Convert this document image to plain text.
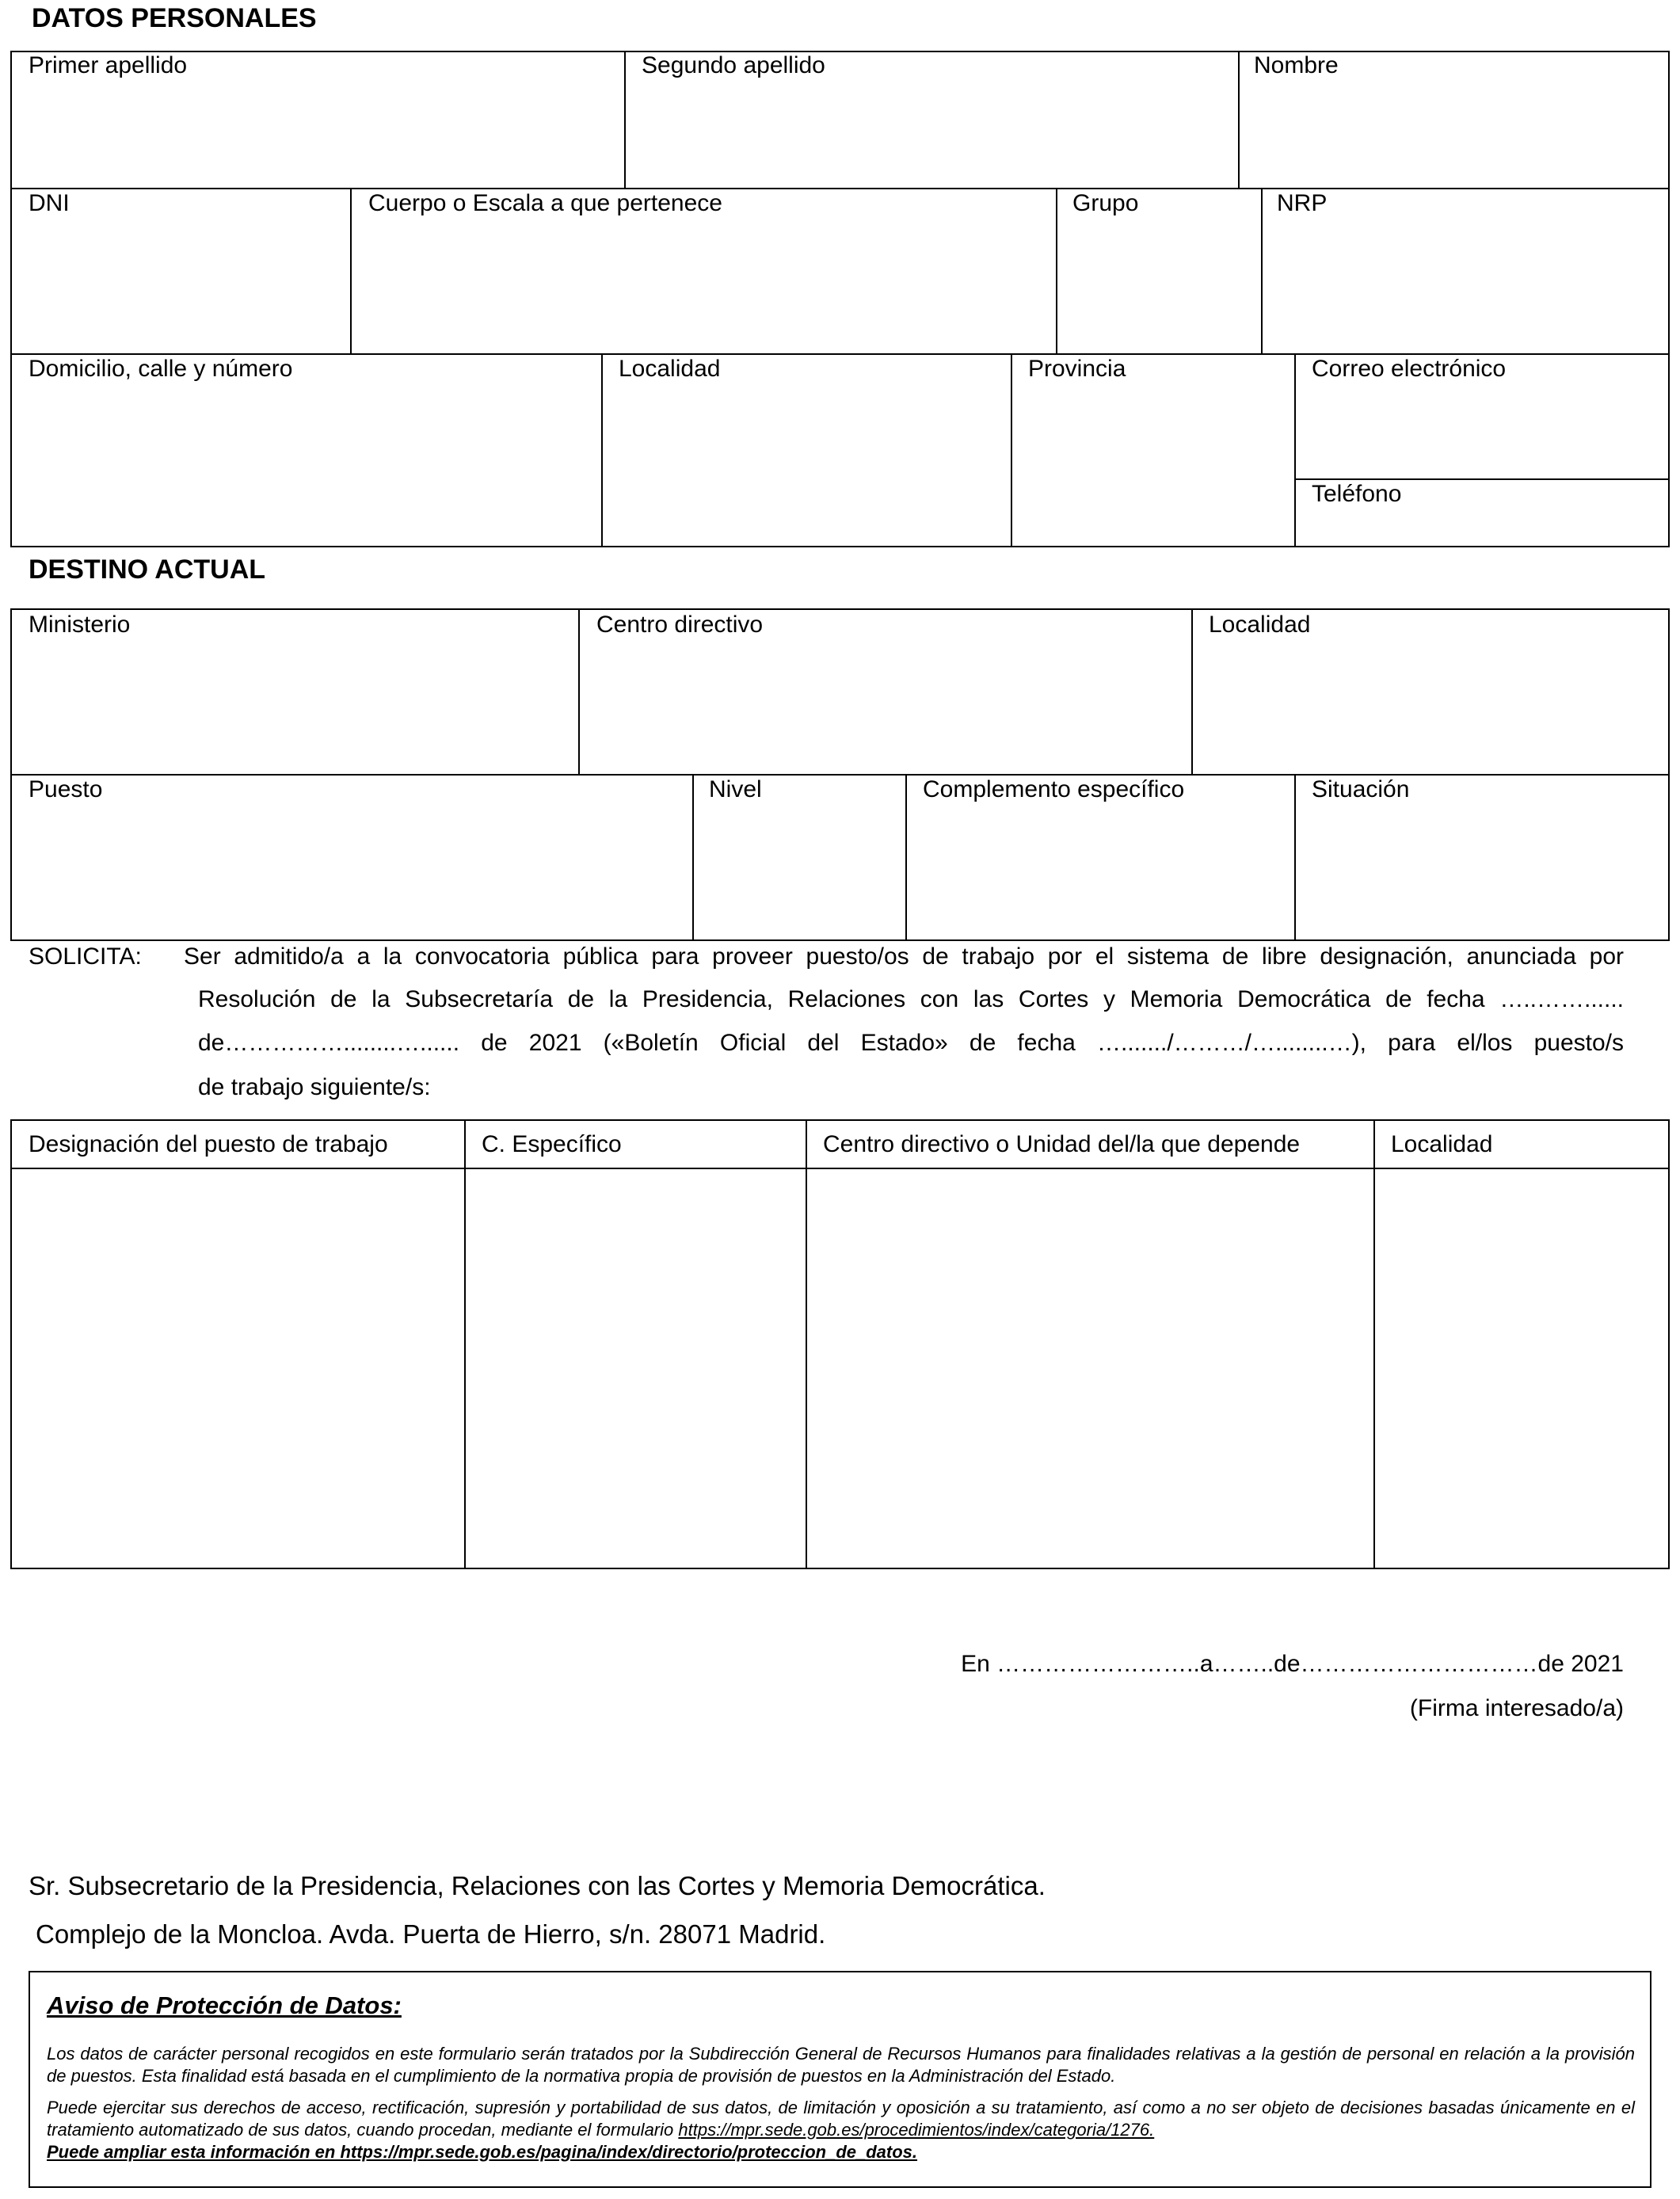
DATOS PERSONALES
Primer apellido	Segundo apellido	Nombre
DNI	Cuerpo o Escala a que pertenece	Grupo	NRP
Domicilio, calle y número	Localidad	Provincia	Correo electrónico
Teléfono
DESTINO ACTUAL
Ministerio	Centro directivo	Localidad
Puesto	Nivel	Complemento específico	Situación
SOLICITA: Ser admitido/a a la convocatoria pública para proveer puesto/os de trabajo por el sistema de libre designación, anunciada por
Resolución de la Subsecretaría de la Presidencia, Relaciones con las Cortes y Memoria Democrática de fecha …..……......
de……………........…...... de 2021 («Boletín Oficial del Estado» de fecha …......./………/…........…), para el/los puesto/s
de trabajo siguiente/s:
Designación del puesto de trabajo	C. Específico	Centro directivo o Unidad del/la que depende	Localidad
En ……………………..a……..de…………………………de 2021
(Firma interesado/a)
Sr. Subsecretario de la Presidencia, Relaciones con las Cortes y Memoria Democrática.
Complejo de la Moncloa. Avda. Puerta de Hierro, s/n. 28071 Madrid.
Aviso de Protección de Datos:
Los datos de carácter personal recogidos en este formulario serán tratados por la Subdirección General de Recursos Humanos para finalidades relativas a la gestión de personal en relación a la provisión de puestos. Esta finalidad está basada en el cumplimiento de la normativa propia de provisión de puestos en la Administración del Estado.
Puede ejercitar sus derechos de acceso, rectificación, supresión y portabilidad de sus datos, de limitación y oposición a su tratamiento, así como a no ser objeto de decisiones basadas únicamente en el tratamiento automatizado de sus datos, cuando procedan, mediante el formulario https://mpr.sede.gob.es/procedimientos/index/categoria/1276.
Puede ampliar esta información en https://mpr.sede.gob.es/pagina/index/directorio/proteccion_de_datos.
